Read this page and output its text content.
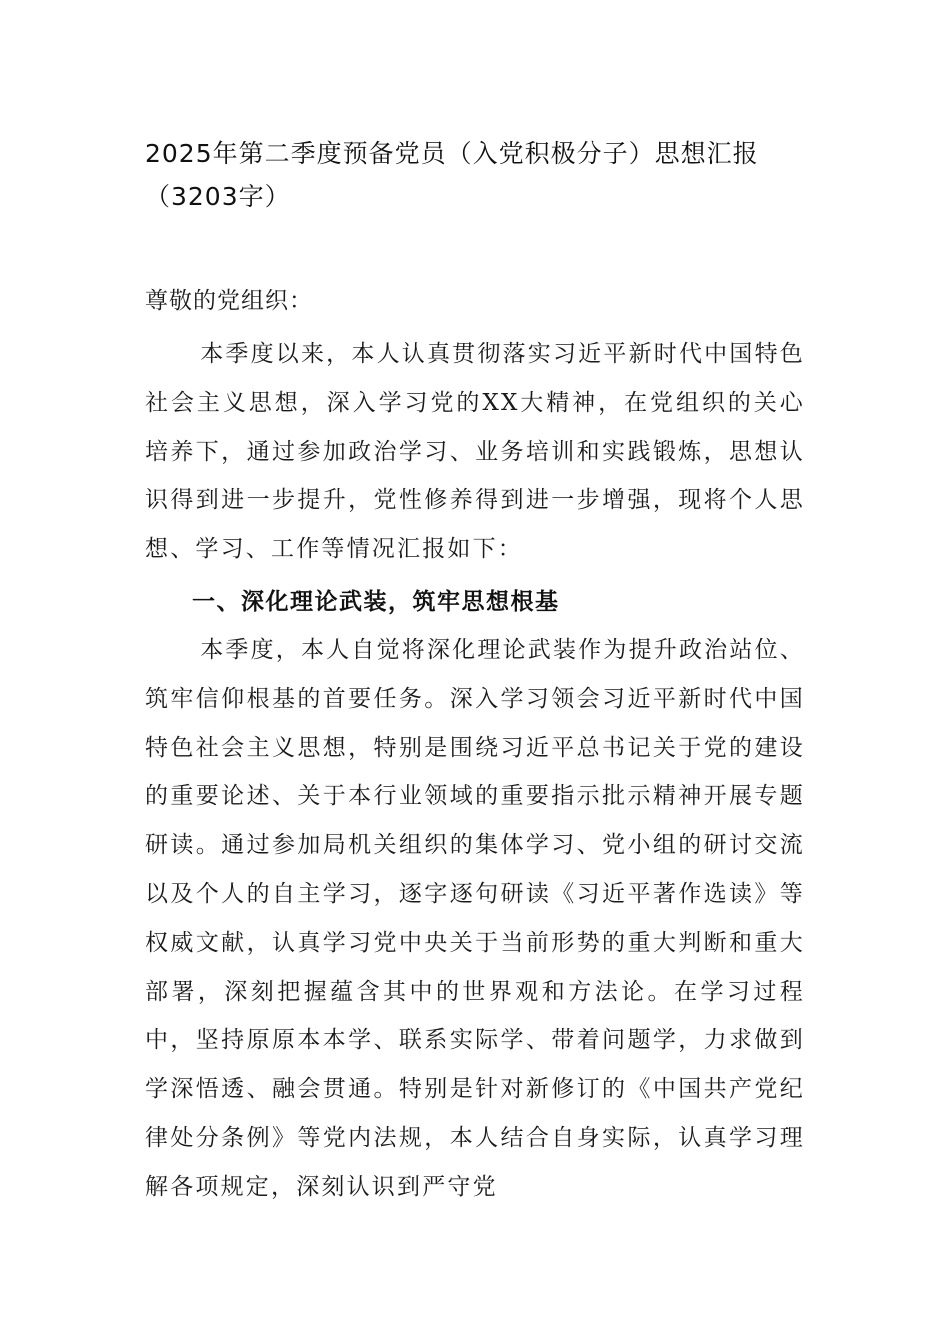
2025年第二季度预备党员（入党积极分子）思想汇报（3203字）

尊敬的党组织：

本季度以来，本人认真贯彻落实习近平新时代中国特色社会主义思想，深入学习党的XX大精神，在党组织的关心培养下，通过参加政治学习、业务培训和实践锻炼，思想认识得到进一步提升，党性修养得到进一步增强，现将个人思想、学习、工作等情况汇报如下：

一、深化理论武装，筑牢思想根基

本季度，本人自觉将深化理论武装作为提升政治站位、筑牢信仰根基的首要任务。深入学习领会习近平新时代中国特色社会主义思想，特别是围绕习近平总书记关于党的建设的重要论述、关于本行业领域的重要指示批示精神开展专题研读。通过参加局机关组织的集体学习、党小组的研讨交流以及个人的自主学习，逐字逐句研读《习近平著作选读》等权威文献，认真学习党中央关于当前形势的重大判断和重大部署，深刻把握蕴含其中的世界观和方法论。在学习过程中，坚持原原本本学、联系实际学、带着问题学，力求做到学深悟透、融会贯通。特别是针对新修订的《中国共产党纪律处分条例》等党内法规，本人结合自身实际，认真学习理解各项规定，深刻认识到严守党
